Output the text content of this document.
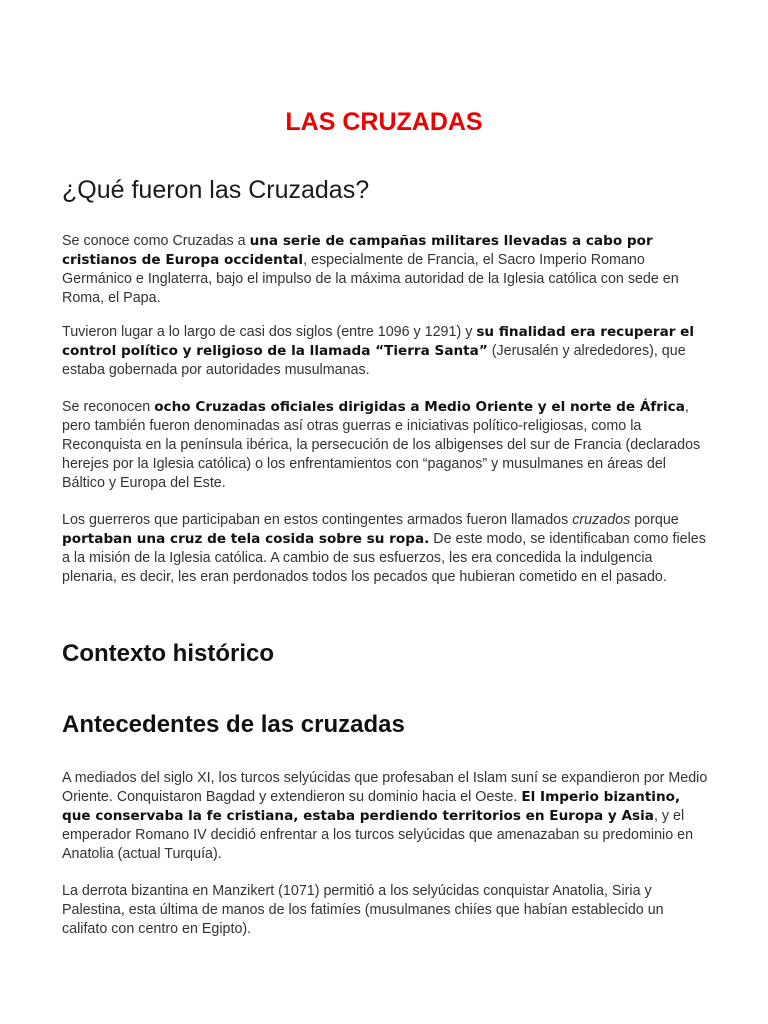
LAS CRUZADAS
¿Qué fueron las Cruzadas?

Se conoce como Cruzadas a una serie de campañas militares llevadas a cabo por cristianos de Europa occidental, especialmente de Francia, el Sacro Imperio Romano Germánico e Inglaterra, bajo el impulso de la máxima autoridad de la Iglesia católica con sede en Roma, el Papa.

Tuvieron lugar a lo largo de casi dos siglos (entre 1096 y 1291) y su finalidad era recuperar el control político y religioso de la llamada “Tierra Santa” (Jerusalén y alrededores), que estaba gobernada por autoridades musulmanas.

Se reconocen ocho Cruzadas oficiales dirigidas a Medio Oriente y el norte de África, pero también fueron denominadas así otras guerras e iniciativas político-religiosas, como la Reconquista en la península ibérica, la persecución de los albigenses del sur de Francia (declarados herejes por la Iglesia católica) o los enfrentamientos con “paganos” y musulmanes en áreas del Báltico y Europa del Este.

Los guerreros que participaban en estos contingentes armados fueron llamados cruzados porque portaban una cruz de tela cosida sobre su ropa. De este modo, se identificaban como fieles a la misión de la Iglesia católica. A cambio de sus esfuerzos, les era concedida la indulgencia plenaria, es decir, les eran perdonados todos los pecados que hubieran cometido en el pasado.

Contexto histórico
Antecedentes de las cruzadas

A mediados del siglo XI, los turcos selyúcidas que profesaban el Islam suní se expandieron por Medio Oriente. Conquistaron Bagdad y extendieron su dominio hacia el Oeste. El Imperio bizantino, que conservaba la fe cristiana, estaba perdiendo territorios en Europa y Asia, y el emperador Romano IV decidió enfrentar a los turcos selyúcidas que amenazaban su predominio en Anatolia (actual Turquía).

La derrota bizantina en Manzikert (1071) permitió a los selyúcidas conquistar Anatolia, Siria y Palestina, esta última de manos de los fatimíes (musulmanes chiíes que habían establecido un califato con centro en Egipto).
